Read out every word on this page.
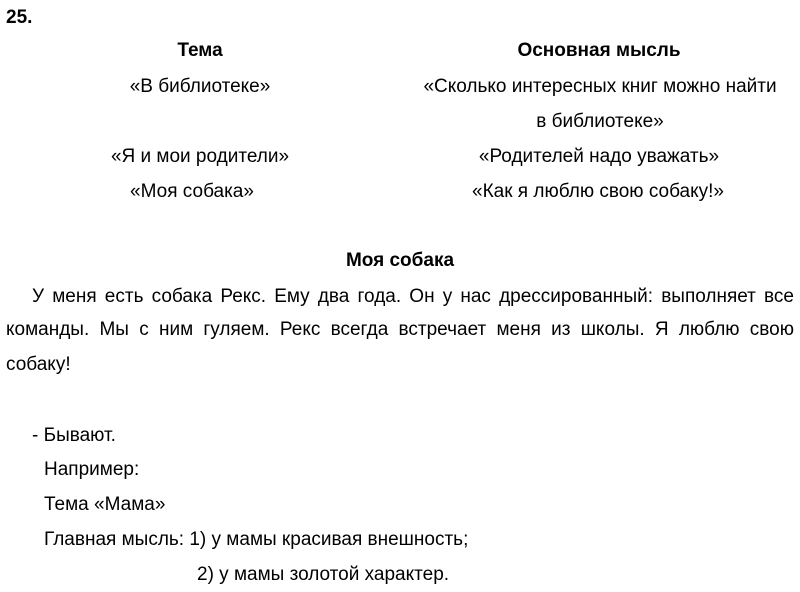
25.
Тема	Основная мысль
«В библиотеке»	«Сколько интересных книг можно найти
в библиотеке»
«Я и мои родители»	«Родителей надо уважать»
«Моя собака»	«Как я люблю свою собаку!»
Моя собака
У меня есть собака Рекс. Ему два года. Он у нас дрессированный: выполняет все
команды. Мы с ним гуляем. Рекс всегда встречает меня из школы. Я люблю свою
собаку!
- Бывают.
Например:
Тема «Мама»
Главная мысль: 1) у мамы красивая внешность;
2) у мамы золотой характер.
